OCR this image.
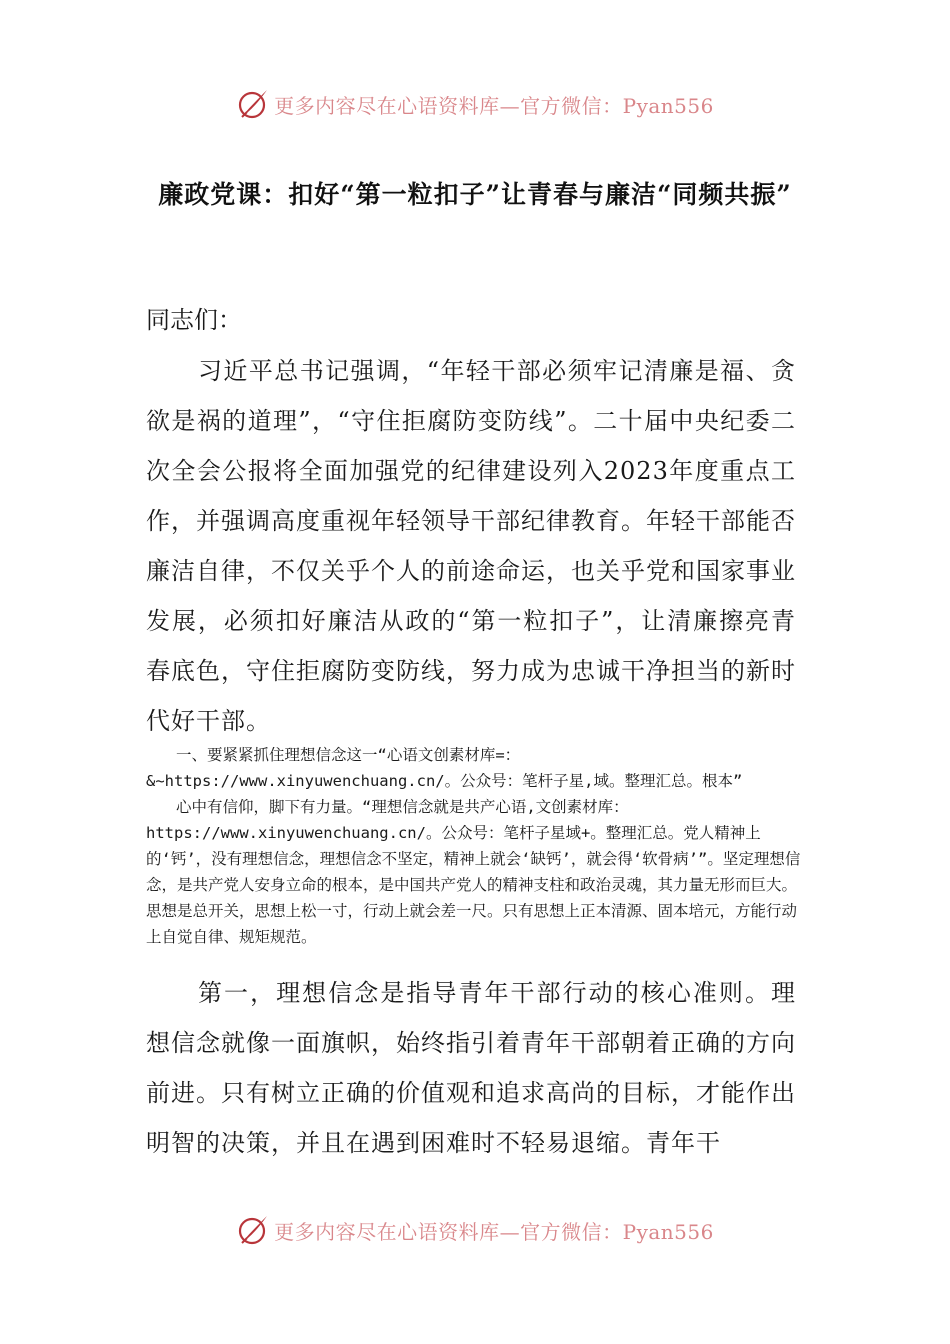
更多内容尽在心语资料库—官方微信：Pyan556
廉政党课：扣好“第一粒扣子”让青春与廉洁“同频共振”
同志们：

习近平总书记强调，“年轻干部必须牢记清廉是福、贪欲是祸的道理”，“守住拒腐防变防线”。二十届中央纪委二次全会公报将全面加强党的纪律建设列入2023年度重点工作，并强调高度重视年轻领导干部纪律教育。年轻干部能否廉洁自律，不仅关乎个人的前途命运，也关乎党和国家事业发展，必须扣好廉洁从政的“第一粒扣子”，让清廉擦亮青春底色，守住拒腐防变防线，努力成为忠诚干净担当的新时代好干部。

一、要紧紧抓住理想信念这一“心语文创素材库=：&~https://www.xinyuwenchuang.cn/。公众号：笔杆子星,域。整理汇总。根本”

心中有信仰，脚下有力量。“理想信念就是共产心语,文创素材库：https://www.xinyuwenchuang.cn/。公众号：笔杆子星域+。整理汇总。党人精神上的‘钙’，没有理想信念，理想信念不坚定，精神上就会‘缺钙’，就会得‘软骨病’”。坚定理想信念，是共产党人安身立命的根本，是中国共产党人的精神支柱和政治灵魂，其力量无形而巨大。思想是总开关，思想上松一寸，行动上就会差一尺。只有思想上正本清源、固本培元，方能行动上自觉自律、规矩规范。

第一，理想信念是指导青年干部行动的核心准则。理想信念就像一面旗帜，始终指引着青年干部朝着正确的方向前进。只有树立正确的价值观和追求高尚的目标，才能作出明智的决策，并且在遇到困难时不轻易退缩。青年干

更多内容尽在心语资料库—官方微信：Pyan556
